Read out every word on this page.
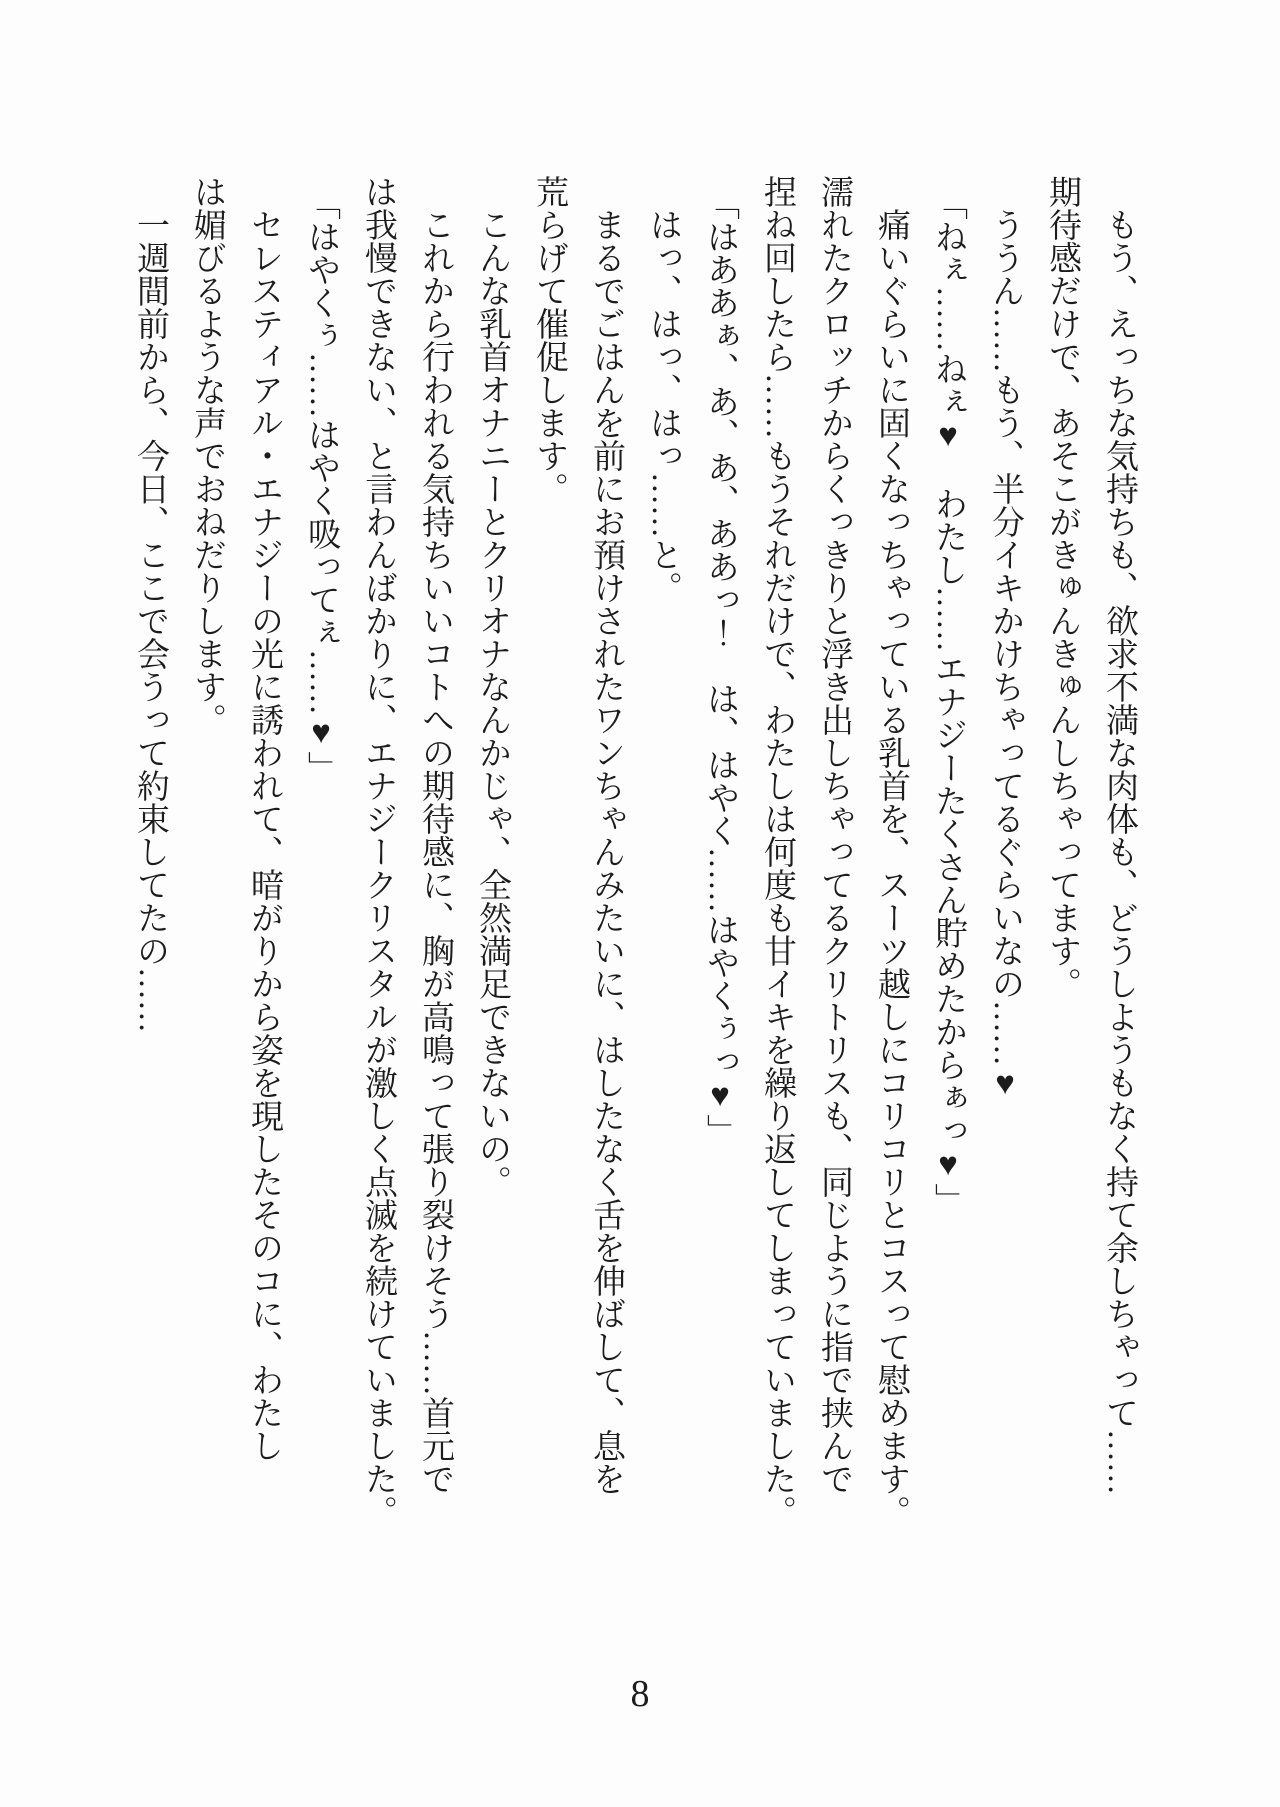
もう、えっちな気持ちも、欲求不満な肉体も、どうしようもなく持て余しちゃって……
期待感だけで、あそこがきゅんきゅんしちゃってます。
ううん……もう、半分イキかけちゃってるぐらいなの……♥
「ねぇ……ねぇ♥　わたし……エナジーたくさん貯めたからぁっ♥」
痛いぐらいに固くなっちゃっている乳首を、スーツ越しにコリコリとコスって慰めます。
濡れたクロッチからくっきりと浮き出しちゃってるクリトリスも、同じように指で挟んで
捏ね回したら……もうそれだけで、わたしは何度も甘イキを繰り返してしまっていました。
「はああぁ、あ、あ、ああっ！　は、はやく……はやくぅっ♥」
はっ、はっ、はっ……と。
まるでごはんを前にお預けされたワンちゃんみたいに、はしたなく舌を伸ばして、息を
荒らげて催促します。
こんな乳首オナニーとクリオナなんかじゃ、全然満足できないの。
これから行われる気持ちいいコトへの期待感に、胸が高鳴って張り裂けそう……首元で
は我慢できない、と言わんばかりに、エナジークリスタルが激しく点滅を続けていました。
「はやくぅ……はやく吸ってぇ……♥」
セレスティアル・エナジーの光に誘われて、暗がりから姿を現したそのコに、わたし
は媚びるような声でおねだりします。
一週間前から、今日、ここで会うって約束してたの……
8
